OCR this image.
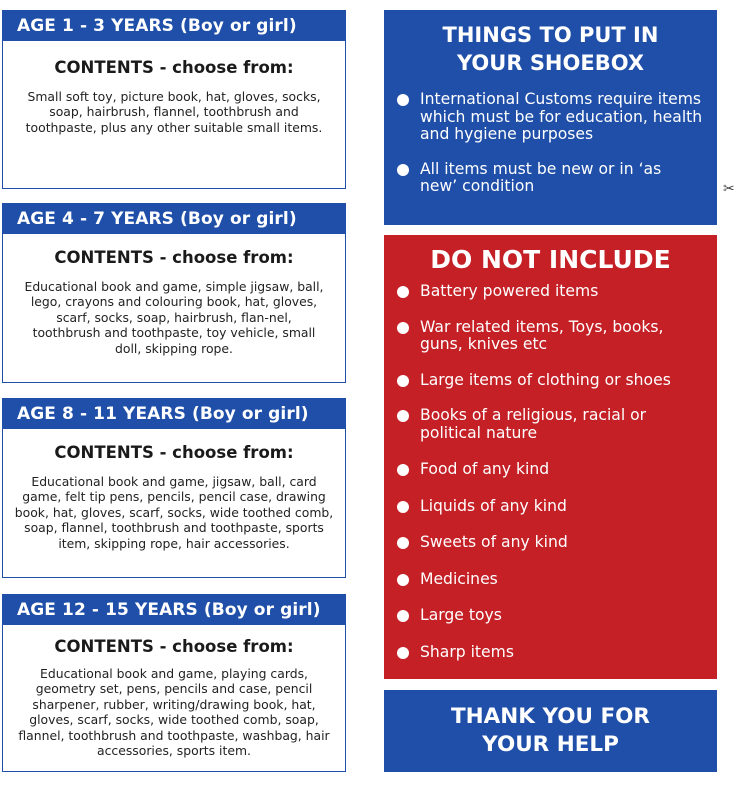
AGE 1 - 3 YEARS (Boy or girl)
CONTENTS - choose from:
Small soft toy, picture book, hat, gloves, socks, soap, hairbrush, flannel, toothbrush and toothpaste, plus any other suitable small items.
AGE 4 - 7 YEARS (Boy or girl)
CONTENTS - choose from:
Educational book and game, simple jigsaw, ball, lego, crayons and colouring book, hat, gloves, scarf, socks, soap, hairbrush, flan-nel, toothbrush and toothpaste, toy vehicle, small doll, skipping rope.
AGE 8 - 11 YEARS (Boy or girl)
CONTENTS - choose from:
Educational book and game, jigsaw, ball, card game, felt tip pens, pencils, pencil case, drawing book, hat, gloves, scarf, socks, wide toothed comb, soap, flannel, toothbrush and toothpaste, sports item, skipping rope, hair accessories.
AGE 12 - 15 YEARS (Boy or girl)
CONTENTS - choose from:
Educational book and game, playing cards, geometry set, pens, pencils and case, pencil sharpener, rubber, writing/drawing book, hat, gloves, scarf, socks, wide toothed comb, soap, flannel, toothbrush and toothpaste, washbag, hair accessories, sports item.
THINGS TO PUT IN
YOUR SHOEBOX
International Customs require items which must be for education, health and hygiene purposes
All items must be new or in ‘as new’ condition
DO NOT INCLUDE
Battery powered items
War related items, Toys, books, guns, knives etc
Large items of clothing or shoes
Books of a religious, racial or political nature
Food of any kind
Liquids of any kind
Sweets of any kind
Medicines
Large toys
Sharp items
THANK YOU FOR
YOUR HELP
✂
